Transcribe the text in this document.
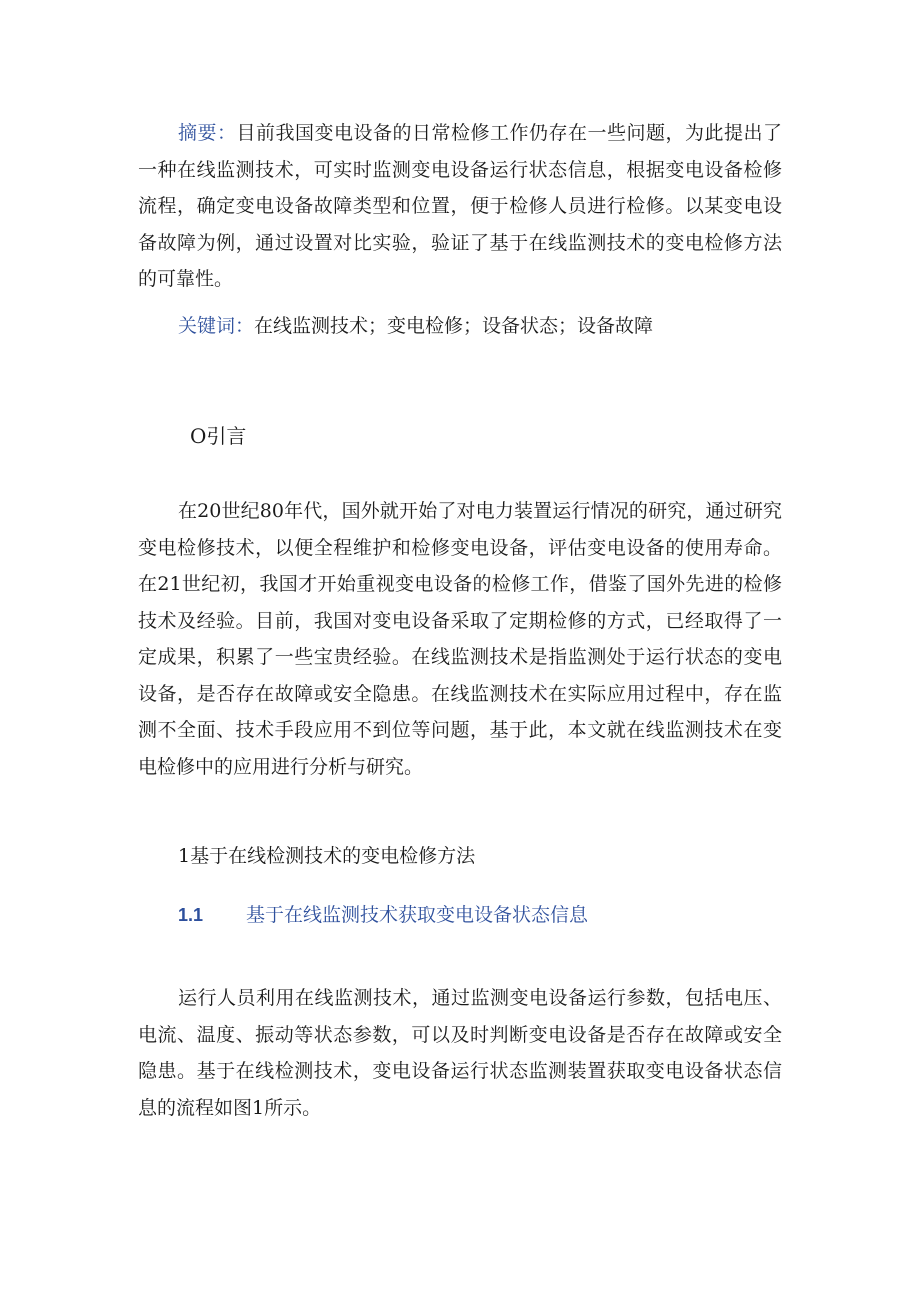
摘要：目前我国变电设备的日常检修工作仍存在一些问题，为此提出了一种在线监测技术，可实时监测变电设备运行状态信息，根据变电设备检修流程，确定变电设备故障类型和位置，便于检修人员进行检修。以某变电设备故障为例，通过设置对比实验，验证了基于在线监测技术的变电检修方法的可靠性。

关键词：在线监测技术；变电检修；设备状态；设备故障

O引言

在20世纪80年代，国外就开始了对电力装置运行情况的研究，通过研究变电检修技术，以便全程维护和检修变电设备，评估变电设备的使用寿命。在21世纪初，我国才开始重视变电设备的检修工作，借鉴了国外先进的检修技术及经验。目前，我国对变电设备采取了定期检修的方式，已经取得了一定成果，积累了一些宝贵经验。在线监测技术是指监测处于运行状态的变电设备，是否存在故障或安全隐患。在线监测技术在实际应用过程中，存在监测不全面、技术手段应用不到位等问题，基于此，本文就在线监测技术在变电检修中的应用进行分析与研究。

1基于在线检测技术的变电检修方法

1.1 基于在线监测技术获取变电设备状态信息

运行人员利用在线监测技术，通过监测变电设备运行参数，包括电压、电流、温度、振动等状态参数，可以及时判断变电设备是否存在故障或安全隐患。基于在线检测技术，变电设备运行状态监测装置获取变电设备状态信息的流程如图1所示。
